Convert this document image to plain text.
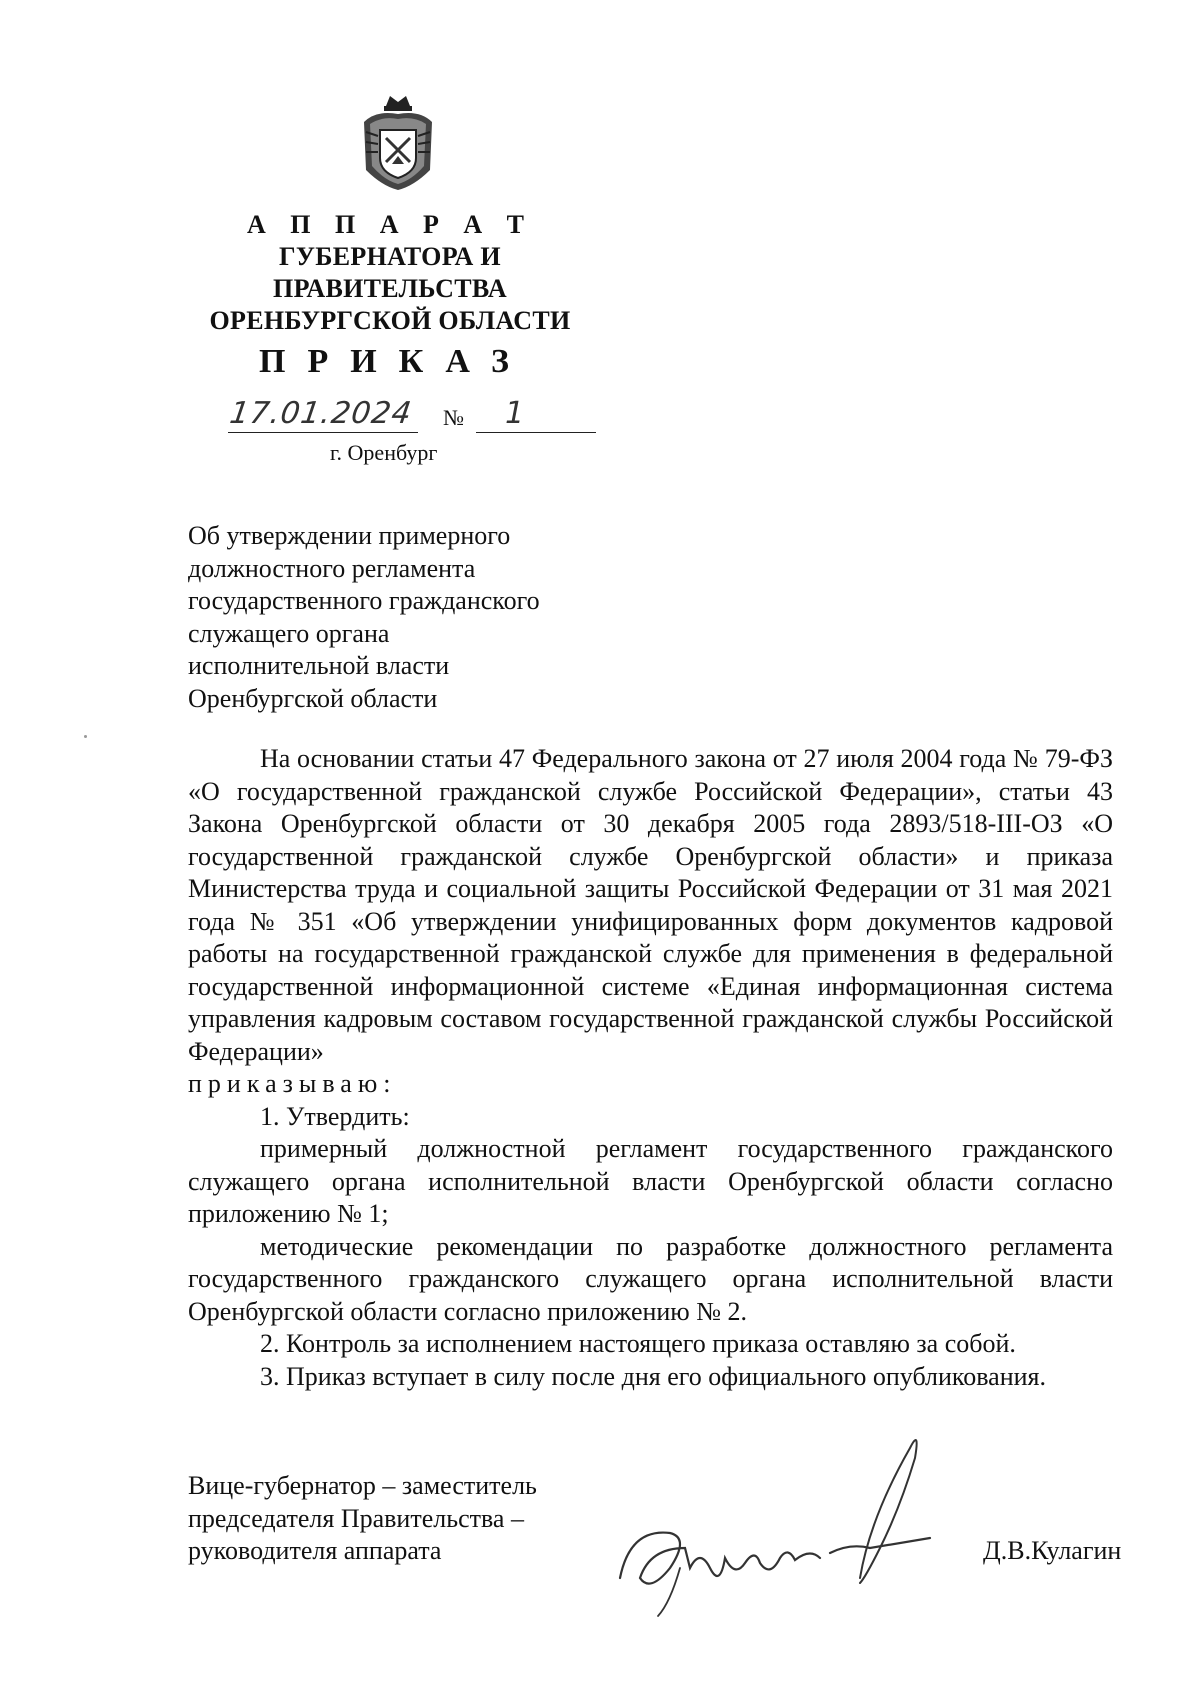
А П П А Р А Т
ГУБЕРНАТОРА И
ПРАВИТЕЛЬСТВА
ОРЕНБУРГСКОЙ ОБЛАСТИ
ПРИКАЗ
17.01.2024 № 1
г. Оренбург
Об утверждении примерного
должностного регламента
государственного гражданского
служащего органа
исполнительной власти
Оренбургской области

На основании статьи 47 Федерального закона от 27 июля 2004 года № 79-ФЗ «О государственной гражданской службе Российской Федерации», статьи 43 Закона Оренбургской области от 30 декабря 2005 года 2893/518-III-ОЗ «О государственной гражданской службе Оренбургской области» и приказа Министерства труда и социальной защиты Российской Федерации от 31 мая 2021 года № 351 «Об утверждении унифицированных форм документов кадровой работы на государственной гражданской службе для применения в федеральной государственной информационной системе «Единая информационная система управления кадровым составом государственной гражданской службы Российской Федерации»

приказываю:

1. Утвердить:

примерный должностной регламент государственного гражданского служащего органа исполнительной власти Оренбургской области согласно приложению № 1;

методические рекомендации по разработке должностного регламента государственного гражданского служащего органа исполнительной власти Оренбургской области согласно приложению № 2.

2. Контроль за исполнением настоящего приказа оставляю за собой.

3. Приказ вступает в силу после дня его официального опубликования.

Вице-губернатор – заместитель
председателя Правительства –
руководителя аппарата	Д.В.Кулагин
